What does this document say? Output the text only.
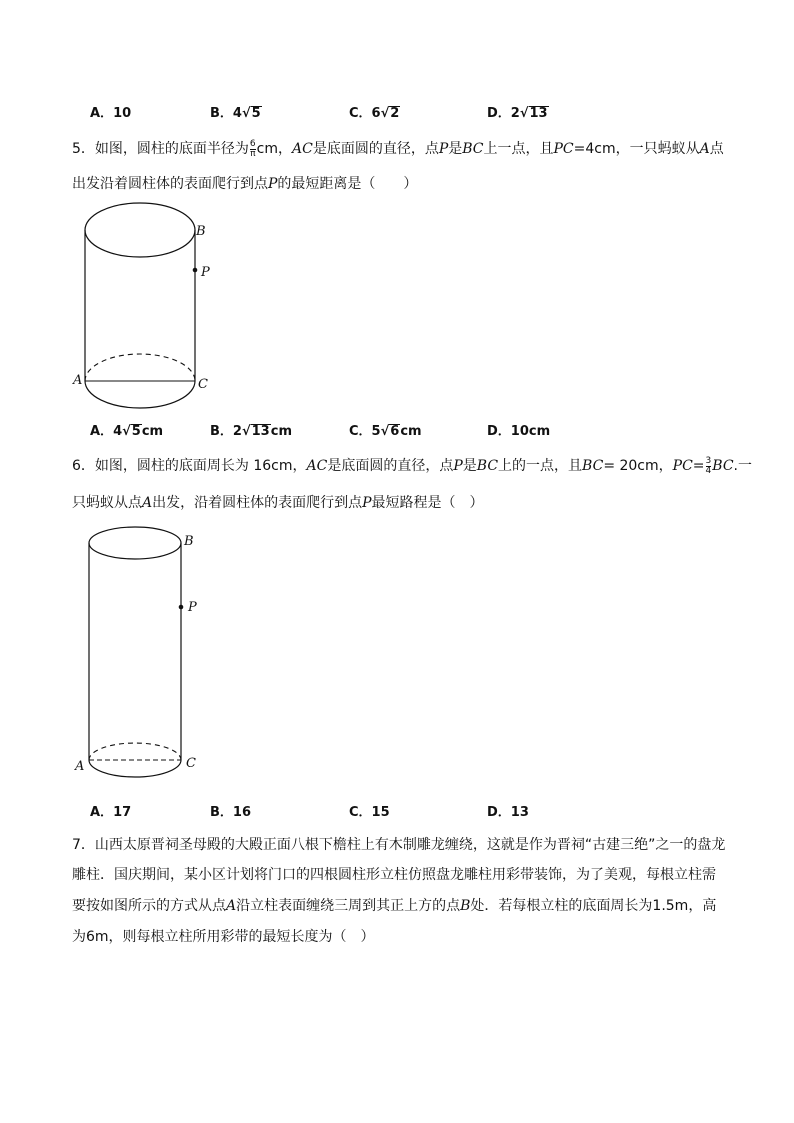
A．10	B．4√5	C．6√2	D．2√13
5．如图，圆柱的底面半径为 $\frac{6}{\pi}$ cm，AC是底面圆的直径，点P是BC上一点，且PC=4cm，一只蚂蚁从A点
出发沿着圆柱体的表面爬行到点P的最短距离是（　　）
B
P
A	C
B
P
A	C
A．4√5cm	B．2√13cm	C．5√6cm	D．10cm
6．如图，圆柱的底面周长为 16cm，AC是底面圆的直径，点P是BC上的一点，且BC= 20cm，$PC= \frac{3}{4}$ BC.一
只蚂蚁从点A出发，沿着圆柱体的表面爬行到点P最短路程是（　）
A．17	B．16	C．15	D．13
7．山西太原晋祠圣母殿的大殿正面八根下檐柱上有木制雕龙缠绕，这就是作为晋祠“古建三绝”之一的盘龙
雕柱．国庆期间，某小区计划将门口的四根圆柱形立柱仿照盘龙雕柱用彩带装饰，为了美观，每根立柱需
要按如图所示的方式从点A沿立柱表面缠绕三周到其正上方的点B处．若每根立柱的底面周长为1.5m，高
为6m，则每根立柱所用彩带的最短长度为（　）
